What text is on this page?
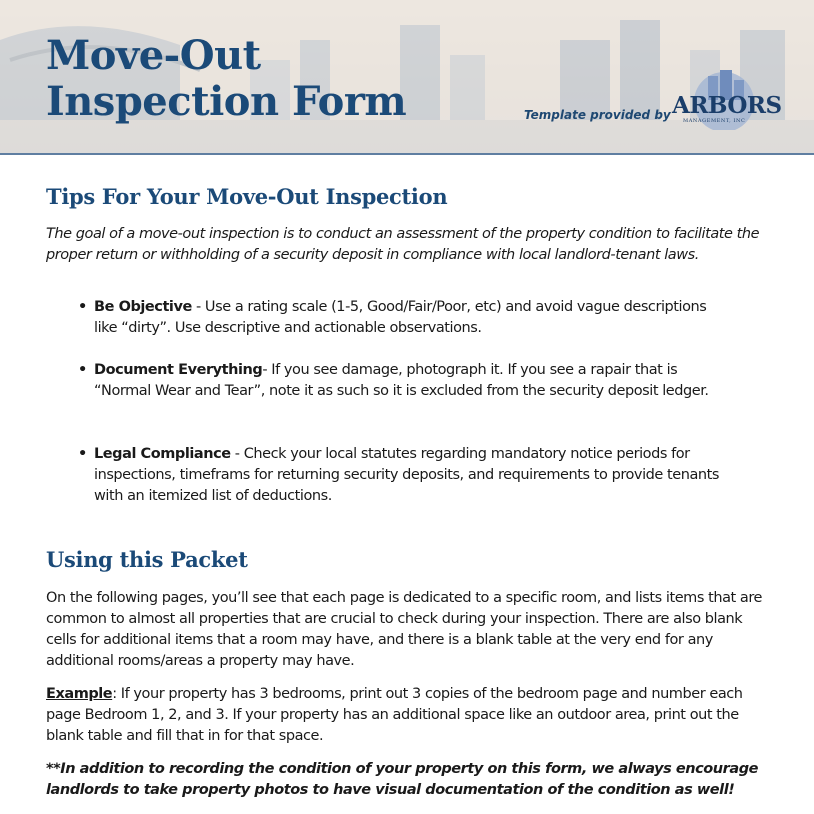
Move-Out
Inspection Form	Template provided by ARBORS
MANAGEMENT, INC
Tips For Your Move-Out Inspection

The goal of a move-out inspection is to conduct an assessment of the property condition to facilitate the proper return or withholding of a security deposit in compliance with local landlord-tenant laws.

• Be Objective - Use a rating scale (1-5, Good/Fair/Poor, etc) and avoid vague descriptions like “dirty”. Use descriptive and actionable observations.
• Document Everything- If you see damage, photograph it. If you see a rapair that is “Normal Wear and Tear”, note it as such so it is excluded from the security deposit ledger.
• Legal Compliance - Check your local statutes regarding mandatory notice periods for inspections, timeframs for returning security deposits, and requirements to provide tenants with an itemized list of deductions.
Using this Packet

On the following pages, you’ll see that each page is dedicated to a specific room, and lists items that are common to almost all properties that are crucial to check during your inspection. There are also blank cells for additional items that a room may have, and there is a blank table at the very end for any additional rooms/areas a property may have.

Example: If your property has 3 bedrooms, print out 3 copies of the bedroom page and number each page Bedroom 1, 2, and 3. If your property has an additional space like an outdoor area, print out the blank table and fill that in for that space.

**In addition to recording the condition of your property on this form, we always encourage landlords to take property photos to have visual documentation of the condition as well!
